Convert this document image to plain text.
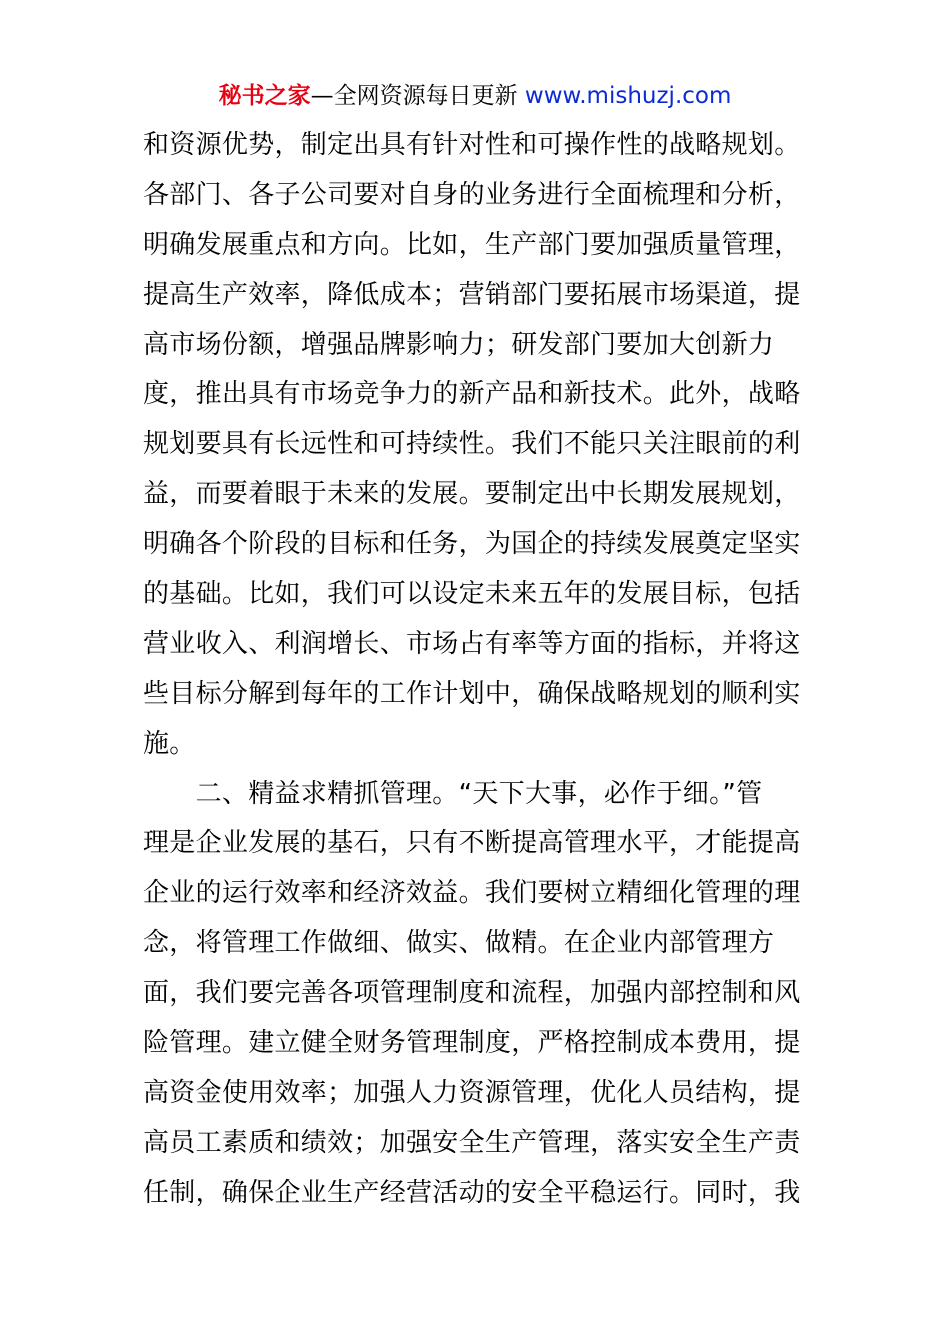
秘书之家—全网资源每日更新 www.mishuzj.com
和资源优势，制定出具有针对性和可操作性的战略规划。
各部门、各子公司要对自身的业务进行全面梳理和分析，
明确发展重点和方向。比如，生产部门要加强质量管理，
提高生产效率，降低成本；营销部门要拓展市场渠道，提
高市场份额，增强品牌影响力；研发部门要加大创新力
度，推出具有市场竞争力的新产品和新技术。此外，战略
规划要具有长远性和可持续性。我们不能只关注眼前的利
益，而要着眼于未来的发展。要制定出中长期发展规划，
明确各个阶段的目标和任务，为国企的持续发展奠定坚实
的基础。比如，我们可以设定未来五年的发展目标，包括
营业收入、利润增长、市场占有率等方面的指标，并将这
些目标分解到每年的工作计划中，确保战略规划的顺利实
施。
　　二、精益求精抓管理。“天下大事，必作于细。”管
理是企业发展的基石，只有不断提高管理水平，才能提高
企业的运行效率和经济效益。我们要树立精细化管理的理
念，将管理工作做细、做实、做精。在企业内部管理方
面，我们要完善各项管理制度和流程，加强内部控制和风
险管理。建立健全财务管理制度，严格控制成本费用，提
高资金使用效率；加强人力资源管理，优化人员结构，提
高员工素质和绩效；加强安全生产管理，落实安全生产责
任制，确保企业生产经营活动的安全平稳运行。同时，我
